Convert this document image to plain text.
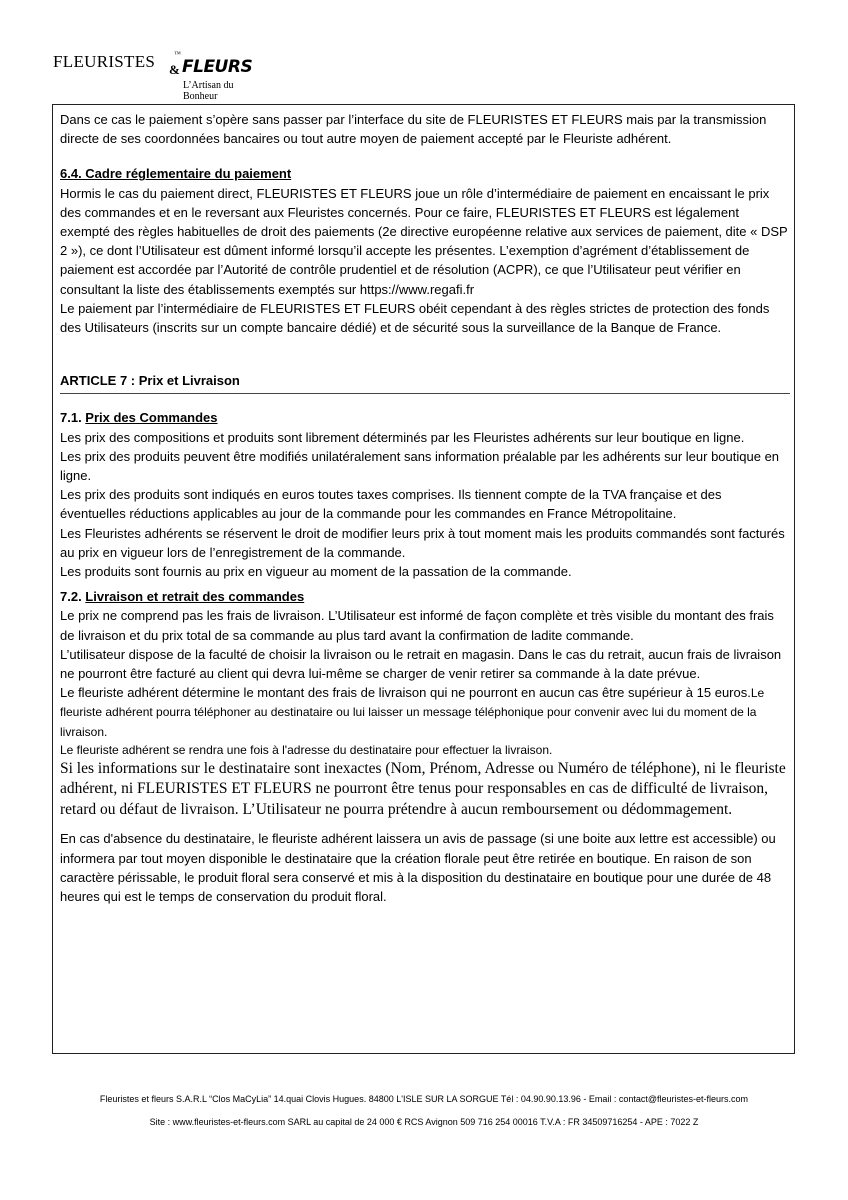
FLEURISTES	™
& FLEURS
L’Artisan du Bonheur

Dans ce cas le paiement s’opère sans passer par l’interface du site de FLEURISTES ET FLEURS mais par la transmission directe de ses coordonnées bancaires ou tout autre moyen de paiement accepté par le Fleuriste adhérent.

6.4. Cadre réglementaire du paiement

Hormis le cas du paiement direct, FLEURISTES ET FLEURS joue un rôle d’intermédiaire de paiement en encaissant le prix des commandes et en le reversant aux Fleuristes concernés. Pour ce faire, FLEURISTES ET FLEURS est légalement exempté des règles habituelles de droit des paiements (2e directive européenne relative aux services de paiement, dite « DSP 2 »), ce dont l’Utilisateur est dûment informé lorsqu’il accepte les présentes. L’exemption d’agrément d’établissement de paiement est accordée par l’Autorité de contrôle prudentiel et de résolution (ACPR), ce que l’Utilisateur peut vérifier en consultant la liste des établissements exemptés sur https://www.regafi.fr

Le paiement par l’intermédiaire de FLEURISTES ET FLEURS obéit cependant à des règles strictes de protection des fonds des Utilisateurs (inscrits sur un compte bancaire dédié) et de sécurité sous la surveillance de la Banque de France.

ARTICLE 7 : Prix et Livraison

7.1. Prix des Commandes

Les prix des compositions et produits sont librement déterminés par les Fleuristes adhérents sur leur boutique en ligne.

Les prix des produits peuvent être modifiés unilatéralement sans information préalable par les adhérents sur leur boutique en ligne.

Les prix des produits sont indiqués en euros toutes taxes comprises. Ils tiennent compte de la TVA française et des éventuelles réductions applicables au jour de la commande pour les commandes en France Métropolitaine.

Les Fleuristes adhérents se réservent le droit de modifier leurs prix à tout moment mais les produits commandés sont facturés au prix en vigueur lors de l’enregistrement de la commande.

Les produits sont fournis au prix en vigueur au moment de la passation de la commande.

7.2. Livraison et retrait des commandes

Le prix ne comprend pas les frais de livraison. L’Utilisateur est informé de façon complète et très visible du montant des frais de livraison et du prix total de sa commande au plus tard avant la confirmation de ladite commande.

L’utilisateur dispose de la faculté de choisir la livraison ou le retrait en magasin. Dans le cas du retrait, aucun frais de livraison ne pourront être facturé au client qui devra lui-même se charger de venir retirer sa commande à la date prévue.

Le fleuriste adhérent détermine le montant des frais de livraison qui ne pourront en aucun cas être supérieur à 15 euros.Le fleuriste adhérent pourra téléphoner au destinataire ou lui laisser un message téléphonique pour convenir avec lui du moment de la livraison.

Le fleuriste adhérent se rendra une fois à l'adresse du destinataire pour effectuer la livraison.

Si les informations sur le destinataire sont inexactes (Nom, Prénom, Adresse ou Numéro de téléphone), ni le fleuriste adhérent, ni FLEURISTES ET FLEURS ne pourront être tenus pour responsables en cas de difficulté de livraison, retard ou défaut de livraison. L’Utilisateur ne pourra prétendre à aucun remboursement ou dédommagement.

En cas d'absence du destinataire, le fleuriste adhérent laissera un avis de passage (si une boite aux lettre est accessible) ou informera par tout moyen disponible le destinataire que la création florale peut être retirée en boutique. En raison de son caractère périssable, le produit floral sera conservé et mis à la disposition du destinataire en boutique pour une durée de 48 heures qui est le temps de conservation du produit floral.

Fleuristes et fleurs S.A.R.L “Clos MaCyLia” 14.quai Clovis Hugues. 84800 L'ISLE SUR LA SORGUE Tél : 04.90.90.13.96 - Email : contact@fleuristes-et-fleurs.com
Site : www.fleuristes-et-fleurs.com SARL au capital de 24 000 € RCS Avignon 509 716 254 00016 T.V.A : FR 34509716254 - APE : 7022 Z
